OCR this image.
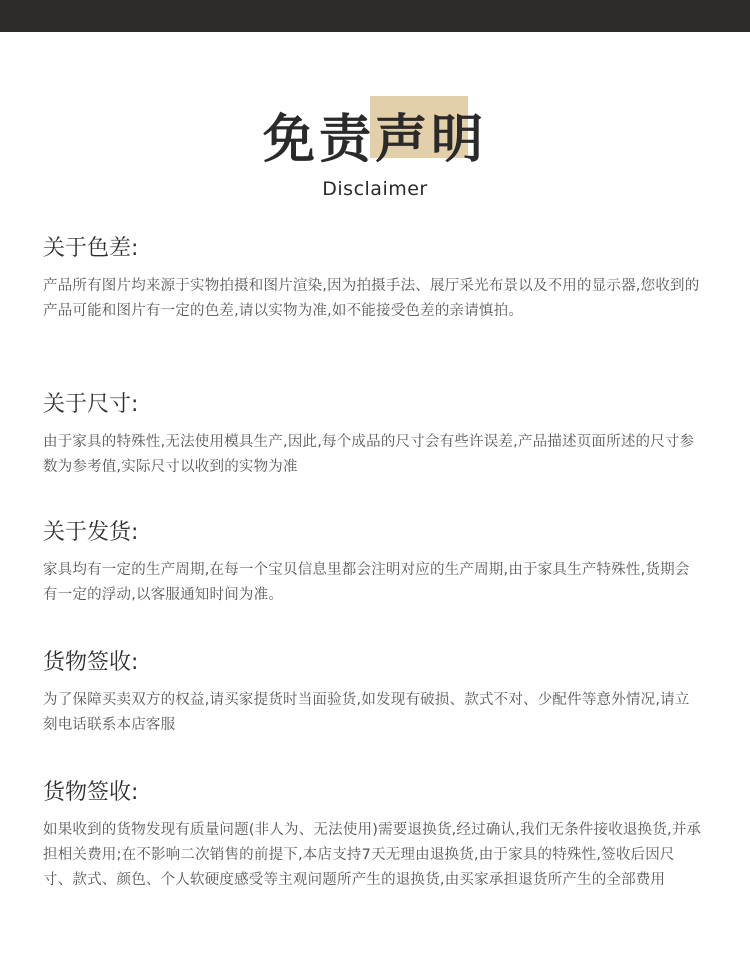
免责声明
Disclaimer
关于色差:

产品所有图片均来源于实物拍摄和图片渲染,因为拍摄手法、展厅采光布景以及不用的显示器,您收到的产品可能和图片有一定的色差,请以实物为准,如不能接受色差的亲请慎拍。

关于尺寸:

由于家具的特殊性,无法使用模具生产,因此,每个成品的尺寸会有些许误差,产品描述页面所述的尺寸参数为参考值,实际尺寸以收到的实物为准

关于发货:

家具均有一定的生产周期,在每一个宝贝信息里都会注明对应的生产周期,由于家具生产特殊性,货期会有一定的浮动,以客服通知时间为准。

货物签收:

为了保障买卖双方的权益,请买家提货时当面验货,如发现有破损、款式不对、少配件等意外情况,请立刻电话联系本店客服

货物签收:

如果收到的货物发现有质量问题(非人为、无法使用)需要退换货,经过确认,我们无条件接收退换货,并承担相关费用;在不影响二次销售的前提下,本店支持7天无理由退换货,由于家具的特殊性,签收后因尺寸、款式、颜色、个人软硬度感受等主观问题所产生的退换货,由买家承担退货所产生的全部费用
